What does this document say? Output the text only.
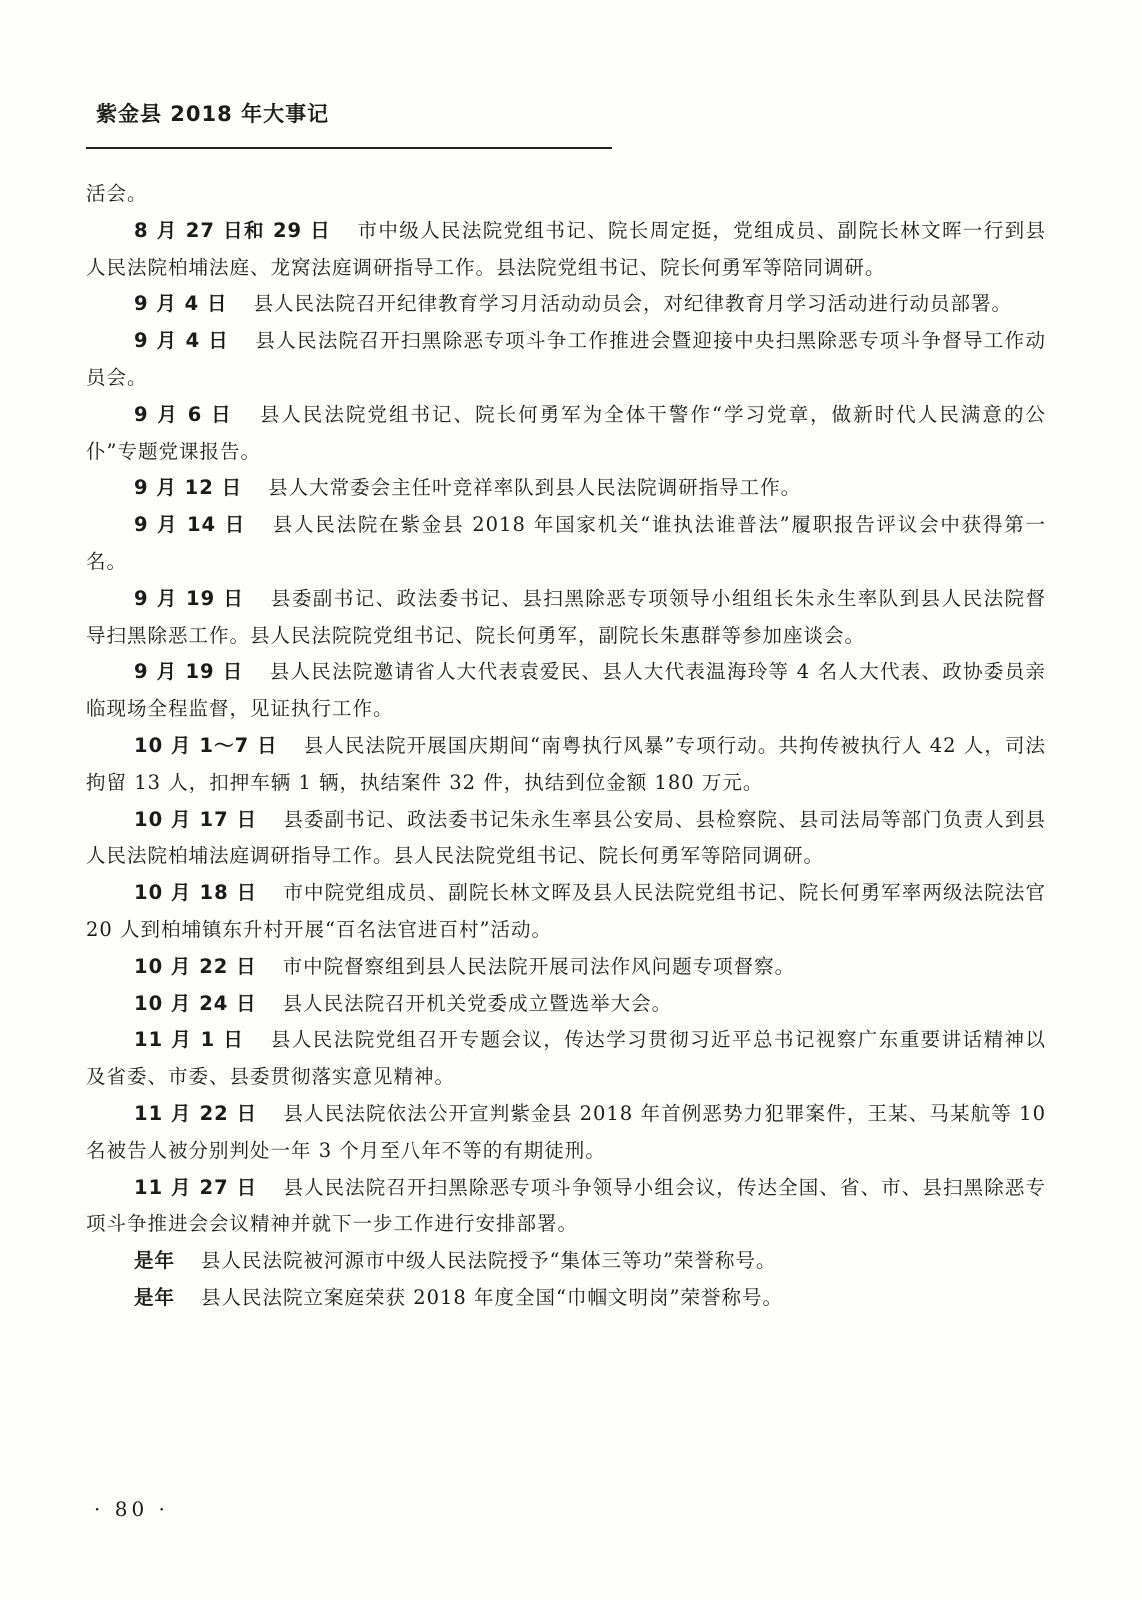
紫金县 2018 年大事记

活会。

8 月 27 日和 29 日 市中级人民法院党组书记、院长周定挺，党组成员、副院长林文晖一行到县人民法院柏埔法庭、龙窝法庭调研指导工作。县法院党组书记、院长何勇军等陪同调研。

9 月 4 日 县人民法院召开纪律教育学习月活动动员会，对纪律教育月学习活动进行动员部署。

9 月 4 日 县人民法院召开扫黑除恶专项斗争工作推进会暨迎接中央扫黑除恶专项斗争督导工作动员会。

9 月 6 日 县人民法院党组书记、院长何勇军为全体干警作“学习党章，做新时代人民满意的公仆”专题党课报告。

9 月 12 日 县人大常委会主任叶竞祥率队到县人民法院调研指导工作。

9 月 14 日 县人民法院在紫金县 2018 年国家机关“谁执法谁普法”履职报告评议会中获得第一名。

9 月 19 日 县委副书记、政法委书记、县扫黑除恶专项领导小组组长朱永生率队到县人民法院督导扫黑除恶工作。县人民法院院党组书记、院长何勇军，副院长朱惠群等参加座谈会。

9 月 19 日 县人民法院邀请省人大代表袁爱民、县人大代表温海玲等 4 名人大代表、政协委员亲临现场全程监督，见证执行工作。

10 月 1～7 日 县人民法院开展国庆期间“南粤执行风暴”专项行动。共拘传被执行人 42 人，司法拘留 13 人，扣押车辆 1 辆，执结案件 32 件，执结到位金额 180 万元。

10 月 17 日 县委副书记、政法委书记朱永生率县公安局、县检察院、县司法局等部门负责人到县人民法院柏埔法庭调研指导工作。县人民法院党组书记、院长何勇军等陪同调研。

10 月 18 日 市中院党组成员、副院长林文晖及县人民法院党组书记、院长何勇军率两级法院法官 20 人到柏埔镇东升村开展“百名法官进百村”活动。

10 月 22 日 市中院督察组到县人民法院开展司法作风问题专项督察。

10 月 24 日 县人民法院召开机关党委成立暨选举大会。

11 月 1 日 县人民法院党组召开专题会议，传达学习贯彻习近平总书记视察广东重要讲话精神以及省委、市委、县委贯彻落实意见精神。

11 月 22 日 县人民法院依法公开宣判紫金县 2018 年首例恶势力犯罪案件，王某、马某航等 10 名被告人被分别判处一年 3 个月至八年不等的有期徒刑。

11 月 27 日 县人民法院召开扫黑除恶专项斗争领导小组会议，传达全国、省、市、县扫黑除恶专项斗争推进会会议精神并就下一步工作进行安排部署。

是年 县人民法院被河源市中级人民法院授予“集体三等功”荣誉称号。

是年 县人民法院立案庭荣获 2018 年度全国“巾帼文明岗”荣誉称号。

· 80 ·
